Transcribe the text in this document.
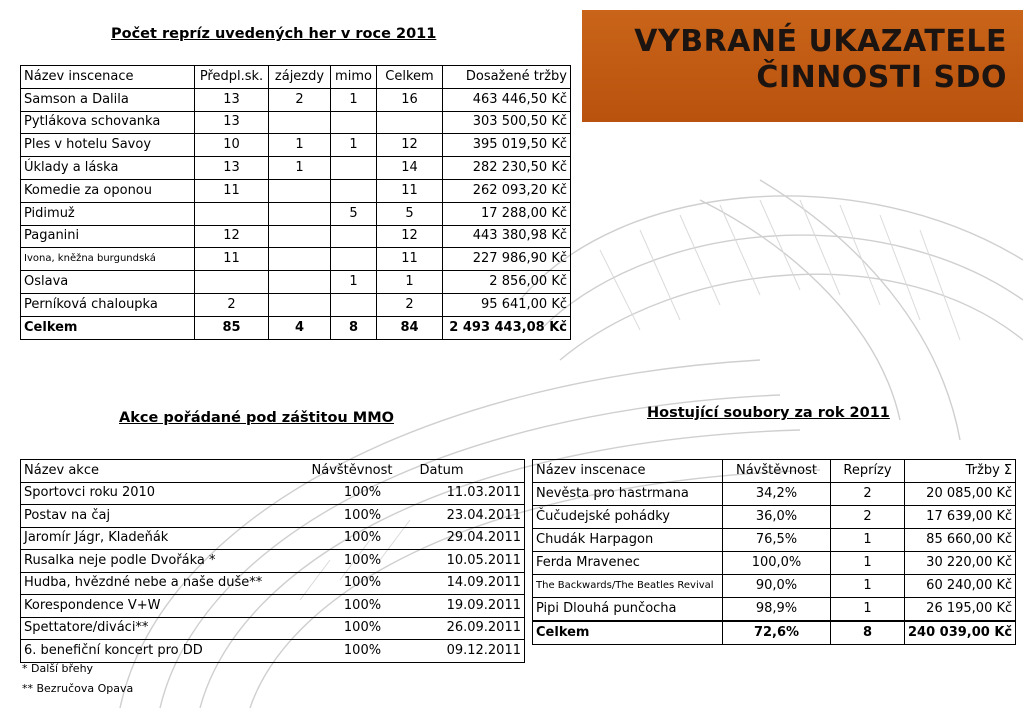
VYBRANÉ UKAZATELE
ČINNOSTI SDO
Počet repríz uvedených her v roce 2011
Název inscenace	Předpl.sk.	zájezdy	mimo	Celkem	Dosažené tržby
Samson a Dalila	13	2	1	16	463 446,50 Kč
Pytlákova schovanka	13				303 500,50 Kč
Ples v hotelu Savoy	10	1	1	12	395 019,50 Kč
Úklady a láska	13	1		14	282 230,50 Kč
Komedie za oponou	11			11	262 093,20 Kč
Pidimuž			5	5	17 288,00 Kč
Paganini	12			12	443 380,98 Kč
Ivona, kněžna burgundská	11			11	227 986,90 Kč
Oslava			1	1	2 856,00 Kč
Perníková chaloupka	2			2	95 641,00 Kč
Celkem	85	4	8	84	2 493 443,08 Kč
Akce pořádané pod záštitou MMO
Název akce	Návštěvnost	Datum
Sportovci roku 2010	100%	11.03.2011
Postav na čaj	100%	23.04.2011
Jaromír Jágr, Kladeňák	100%	29.04.2011
Rusalka neje podle Dvořáka *	100%	10.05.2011
Hudba, hvězdné nebe a naše duše**	100%	14.09.2011
Korespondence V+W	100%	19.09.2011
Spettatore/diváci**	100%	26.09.2011
6. benefiční koncert pro DD	100%	09.12.2011
* Další břehy
** Bezručova Opava
Hostující soubory za rok 2011
Název inscenace	Návštěvnost	Reprízy	Tržby Σ
Nevěsta pro hastrmana	34,2%	2	20 085,00 Kč
Čučudejské pohádky	36,0%	2	17 639,00 Kč
Chudák Harpagon	76,5%	1	85 660,00 Kč
Ferda Mravenec	100,0%	1	30 220,00 Kč
The Backwards/The Beatles Revival	90,0%	1	60 240,00 Kč
Pipi Dlouhá punčocha	98,9%	1	26 195,00 Kč
Celkem	72,6%	8	240 039,00 Kč
